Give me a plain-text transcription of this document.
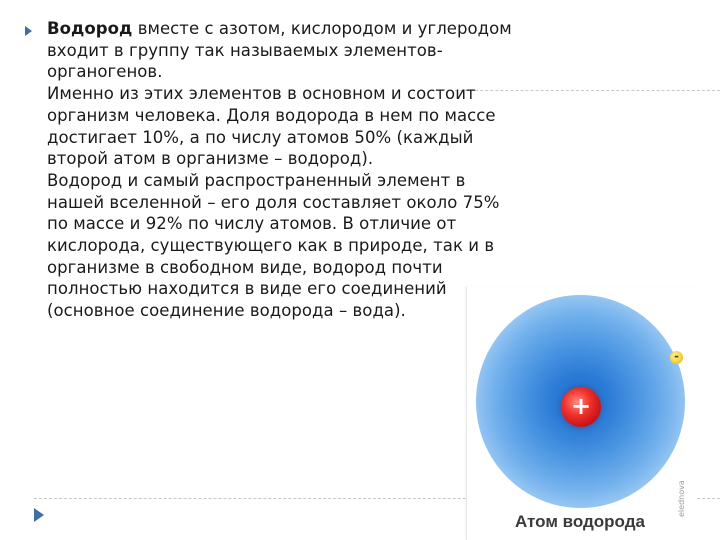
Водород вместе с азотом, кислородом и углеродом
входит в группу так называемых элементов-
органогенов.
Именно из этих элементов в основном и состоит
организм человека. Доля водорода в нем по массе
достигает 10%, а по числу атомов 50% (каждый
второй атом в организме – водород).
Водород и самый распространенный элемент в
нашей вселенной – его доля составляет около 75%
по массе и 92% по числу атомов. В отличие от
кислорода, существующего как в природе, так и в
организме в свободном виде, водород почти
полностью находится в виде его соединений
(основное соединение водорода – вода).
+
-
Атом водорода
elednova
